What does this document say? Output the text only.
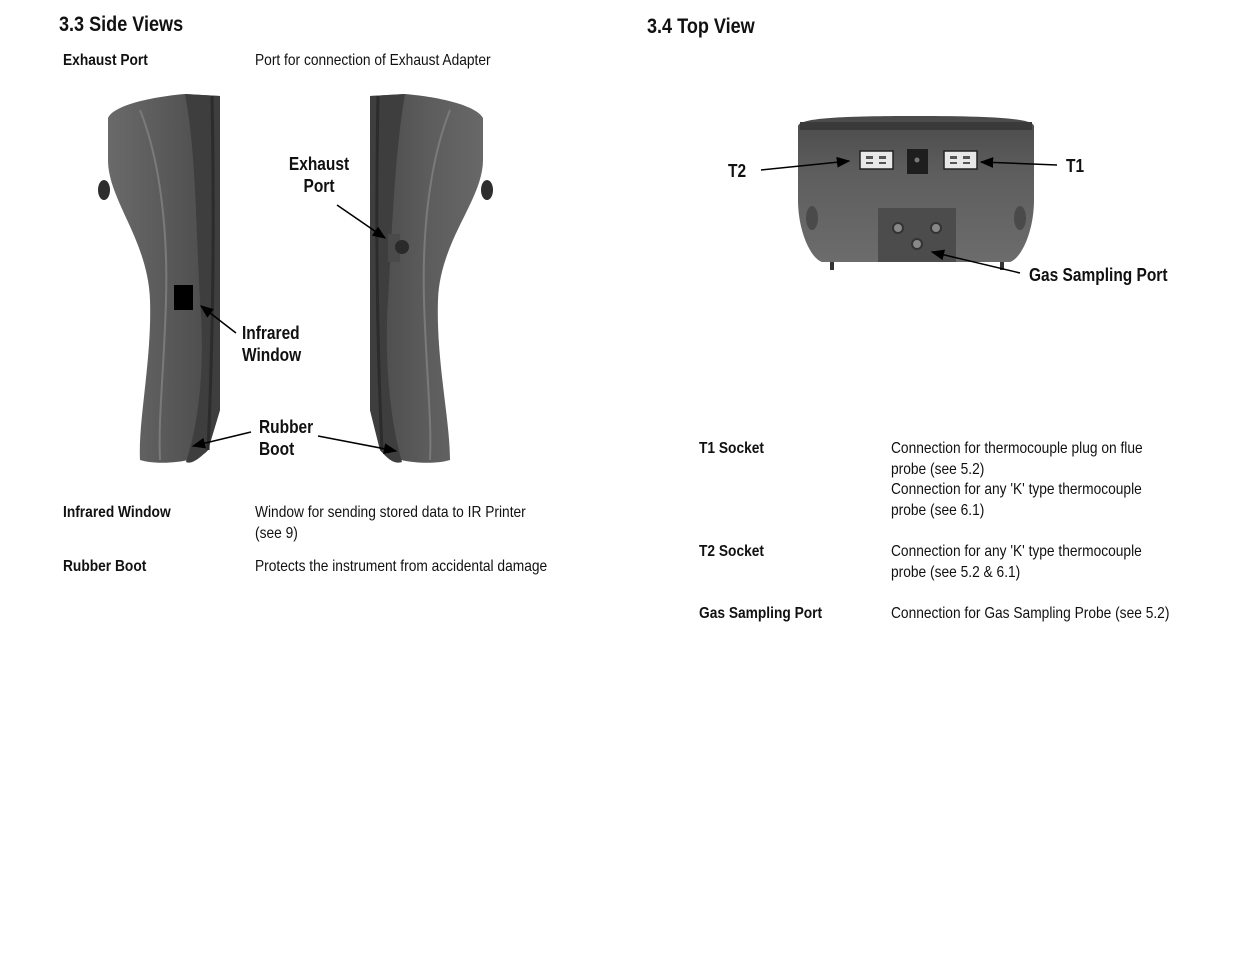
3.3 Side Views	3.4 Top View
Exhaust Port	Port for connection of Exhaust Adapter
Infrared Window	Window for sending stored data to IR Printer
(see 9)
Rubber Boot	Protects the instrument from accidental damage
Exhaust
Port
Infrared
Window
Rubber
Boot
T2	T1
Gas Sampling Port
T1 Socket	Connection for thermocouple plug on flue
probe (see 5.2)
Connection for any 'K' type thermocouple
probe (see 6.1)
T2 Socket	Connection for any 'K' type thermocouple
probe (see 5.2 & 6.1)
Gas Sampling Port	Connection for Gas Sampling Probe (see 5.2)
